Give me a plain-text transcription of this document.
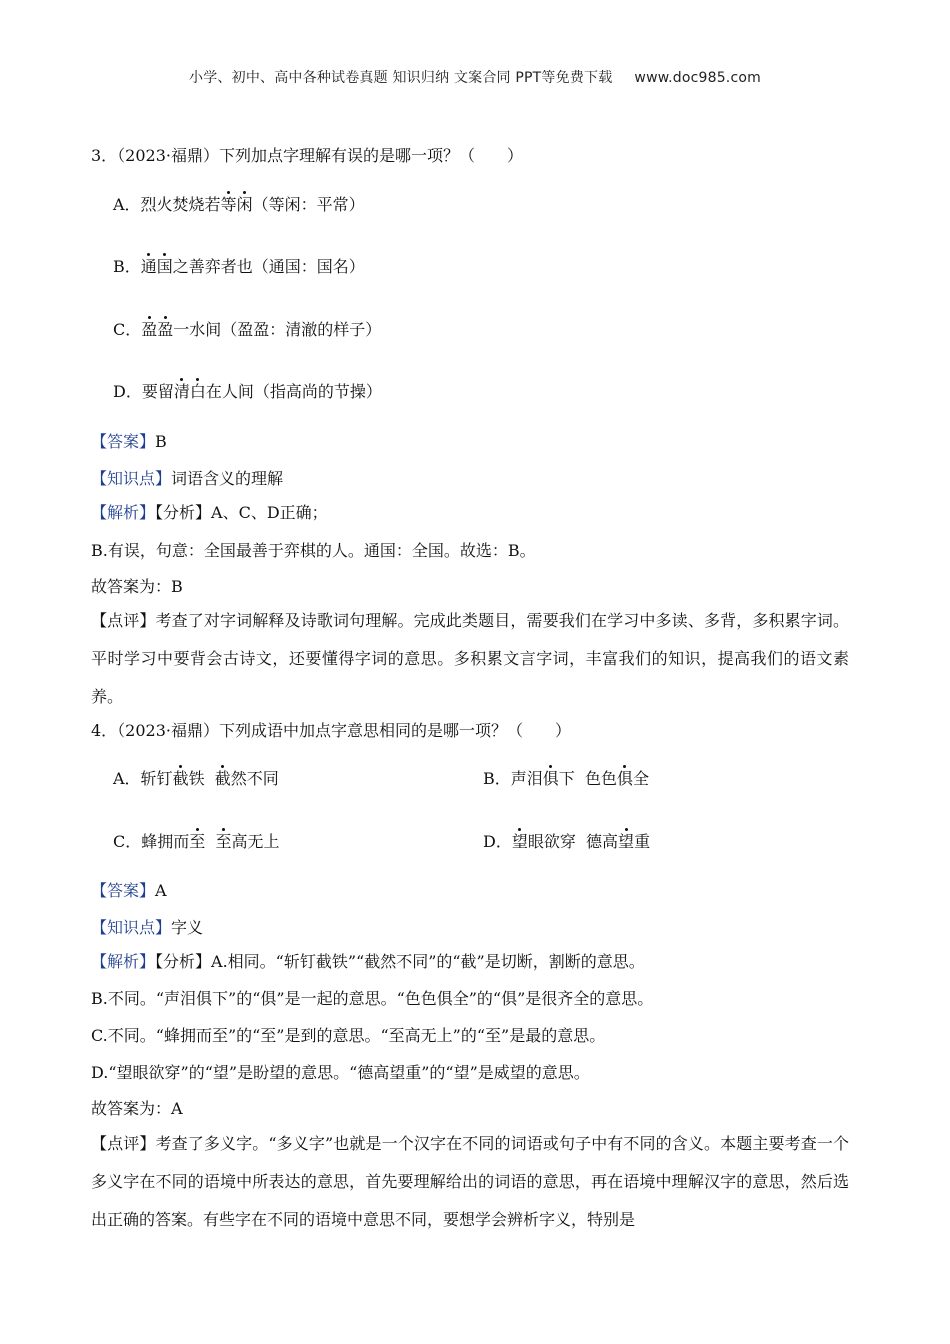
小学、初中、高中各种试卷真题 知识归纳 文案合同 PPT等免费下载 www.doc985.com
3．（2023·福鼎）下列加点字理解有误的是哪一项？（　　）
A．烈火焚烧若等闲（等闲：平常）
B．通国之善弈者也（通国：国名）
C．盈盈一水间（盈盈：清澈的样子）
D．要留清白在人间（指高尚的节操）
【答案】B
【知识点】词语含义的理解
【解析】【分析】A、C、D正确；
B.有误，句意：全国最善于弈棋的人。通国：全国。故选：B。
故答案为：B
【点评】考查了对字词解释及诗歌词句理解。完成此类题目，需要我们在学习中多读、多背，多积累字词。平时学习中要背会古诗文，还要懂得字词的意思。多积累文言字词，丰富我们的知识，提高我们的语文素养。
4．（2023·福鼎）下列成语中加点字意思相同的是哪一项？（　　）
A．斩钉截铁  截然不同	B．声泪俱下  色色俱全
C．蜂拥而至 至高无上	D．望眼欲穿  德高望重
【答案】A
【知识点】字义
【解析】【分析】A.相同。“斩钉截铁”“截然不同”的“截”是切断，割断的意思。
B.不同。“声泪俱下”的“俱”是一起的意思。“色色俱全”的“俱”是很齐全的意思。
C.不同。“蜂拥而至”的“至”是到的意思。“至高无上”的“至”是最的意思。
D.“望眼欲穿”的“望”是盼望的意思。“德高望重”的“望”是威望的意思。
故答案为：A
【点评】考查了多义字。“多义字”也就是一个汉字在不同的词语或句子中有不同的含义。本题主要考查一个多义字在不同的语境中所表达的意思，首先要理解给出的词语的意思，再在语境中理解汉字的意思，然后选出正确的答案。有些字在不同的语境中意思不同，要想学会辨析字义，特别是
